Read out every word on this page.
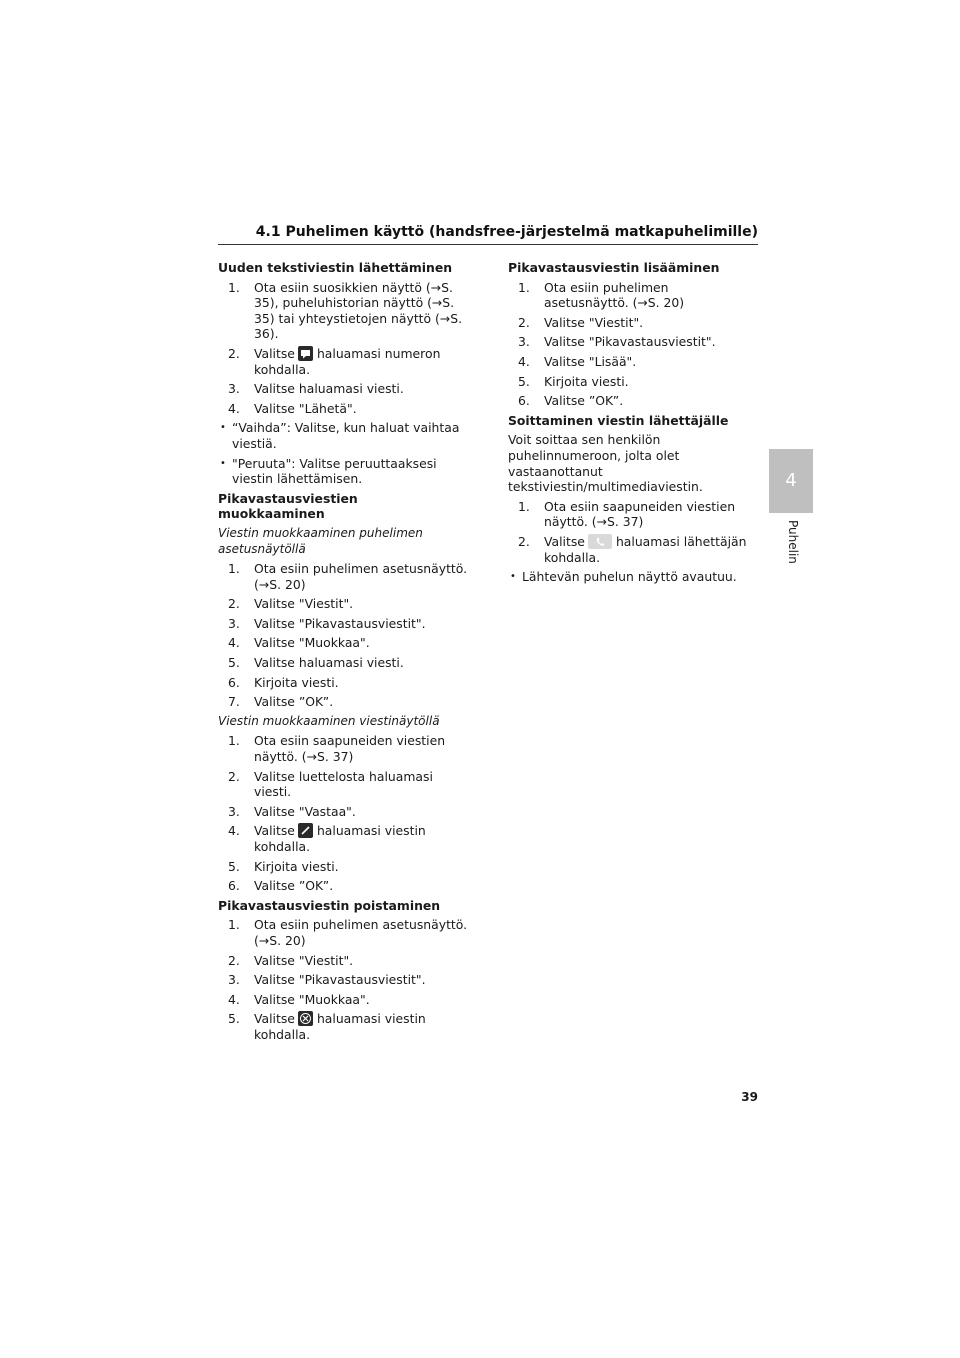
4.1 Puhelimen käyttö (handsfree-järjestelmä matkapuhelimille)
4
Puhelin
Uuden tekstiviestin lähettäminen
1. Ota esiin suosikkien näyttö (→S. 35), puheluhistorian näyttö (→S. 35) tai yhteystietojen näyttö (→S. 36).
2. Valitse haluamasi numeron kohdalla.
3. Valitse haluamasi viesti.
4. Valitse "Lähetä".
• “Vaihda”: Valitse, kun haluat vaihtaa viestiä.
• "Peruuta": Valitse peruuttaaksesi viestin lähettämisen.
Pikavastausviestien muokkaaminen
Viestin muokkaaminen puhelimen asetusnäytöllä
1. Ota esiin puhelimen asetusnäyttö. (→S. 20)
2. Valitse "Viestit".
3. Valitse "Pikavastausviestit".
4. Valitse "Muokkaa".
5. Valitse haluamasi viesti.
6. Kirjoita viesti.
7. Valitse ”OK”.
Viestin muokkaaminen viestinäytöllä
1. Ota esiin saapuneiden viestien näyttö. (→S. 37)
2. Valitse luettelosta haluamasi viesti.
3. Valitse "Vastaa".
4. Valitse haluamasi viestin kohdalla.
5. Kirjoita viesti.
6. Valitse ”OK”.
Pikavastausviestin poistaminen
1. Ota esiin puhelimen asetusnäyttö. (→S. 20)
2. Valitse "Viestit".
3. Valitse "Pikavastausviestit".
4. Valitse "Muokkaa".
5. Valitse haluamasi viestin kohdalla.
Pikavastausviestin lisääminen
1. Ota esiin puhelimen asetusnäyttö. (→S. 20)
2. Valitse "Viestit".
3. Valitse "Pikavastausviestit".
4. Valitse "Lisää".
5. Kirjoita viesti.
6. Valitse ”OK”.
Soittaminen viestin lähettäjälle

Voit soittaa sen henkilön puhelinnumeroon, jolta olet vastaanottanut tekstiviestin/multimediaviestin.

1. Ota esiin saapuneiden viestien näyttö. (→S. 37)
2. Valitse	haluamasi lähettäjän kohdalla.
• Lähtevän puhelun näyttö avautuu.
39
